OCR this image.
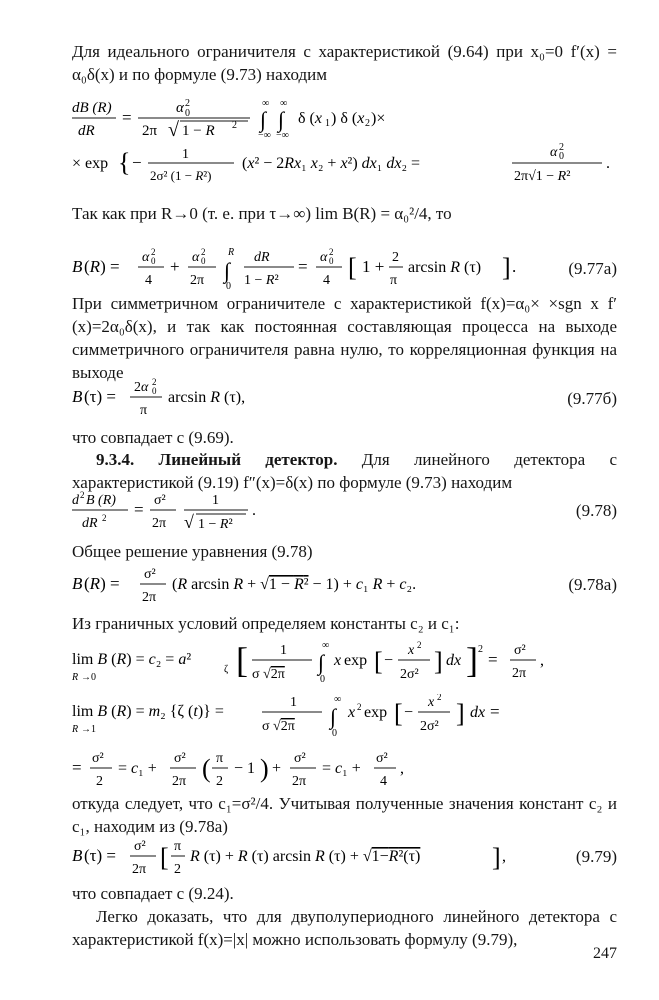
Для идеального ограничителя с характеристикой (9.64) при x₀=0 f′(x) = α₀δ(x) и по формуле (9.73) находим
dB (R)
dR
=	α 2
0
2π √ 1 − R 2
∞
∫
−∞
∞
∫
−∞
δ (x 1 ) δ (x 2 )×
× exp { −	1
2σ² (1 − R²)
(x² − 2Rx₁ x₂ + x²) dx₁ dx₂ =
α 2
0
2π√1 − R²
.
Так как при R→0 (т. е. при τ→∞) lim B(R) = α₀²/4, то
B (R) = α 2
0
4
+ α 2
0
2π
R
∫
0
dR
1 − R²
= α 2
0
4 [ 1 + 2
π
arcsin R (τ) ] .	(9.77а)
При симметричном ограничителе с характеристикой f(x)=α₀× ×sgn x f′(x)=2α₀δ(x), и так как постоянная составляющая процесса на выходе симметричного ограничителя равна нулю, то корреляционная функция на выходе
B (τ) = 2α 2
0
π
arcsin R (τ),	(9.77б)
что совпадает с (9.69).
9.3.4. Линейный детектор. Для линейного детектора с характеристикой (9.19) f″(x)=δ(x) по формуле (9.73) находим
d 2 B (R)
dR 2 = σ²
2π
1
√ 1 − R²
.	(9.78)
Общее решение уравнения (9.78)
B (R) = σ²
2π
(R arcsin R + √1 − R² − 1) + c₁ R + c₂.	(9.78а)
Из граничных условий определяем константы c₂ и c₁:
lim B (R) = c₂ = a²
R →0
ζ [ 1
σ √2π
∞
∫
0
x exp [ −
x 2
2σ² ] dx ] 2
= σ²
2π
,
lim B (R) = m₂ {ζ (t)} =
R →1
1
σ √2π
∞
∫
0
x 2 exp [ −
x 2
2σ² ] dx =
= σ²
2
= c₁ +
σ²
2π ( π
2
− 1 ) +
σ²
2π
= c₁ +
σ²
4
,
откуда следует, что c₁=σ²/4. Учитывая полученные значения констант c₂ и c₁, находим из (9.78а)
B (τ) = σ²
2π [ π
2
R (τ) + R (τ) arcsin R (τ) + √1−R²(τ)	] ,	(9.79)
что совпадает с (9.24).
Легко доказать, что для двуполупериодного линейного детектора с характеристикой f(x)=|x| можно использовать формулу (9.79),
247
